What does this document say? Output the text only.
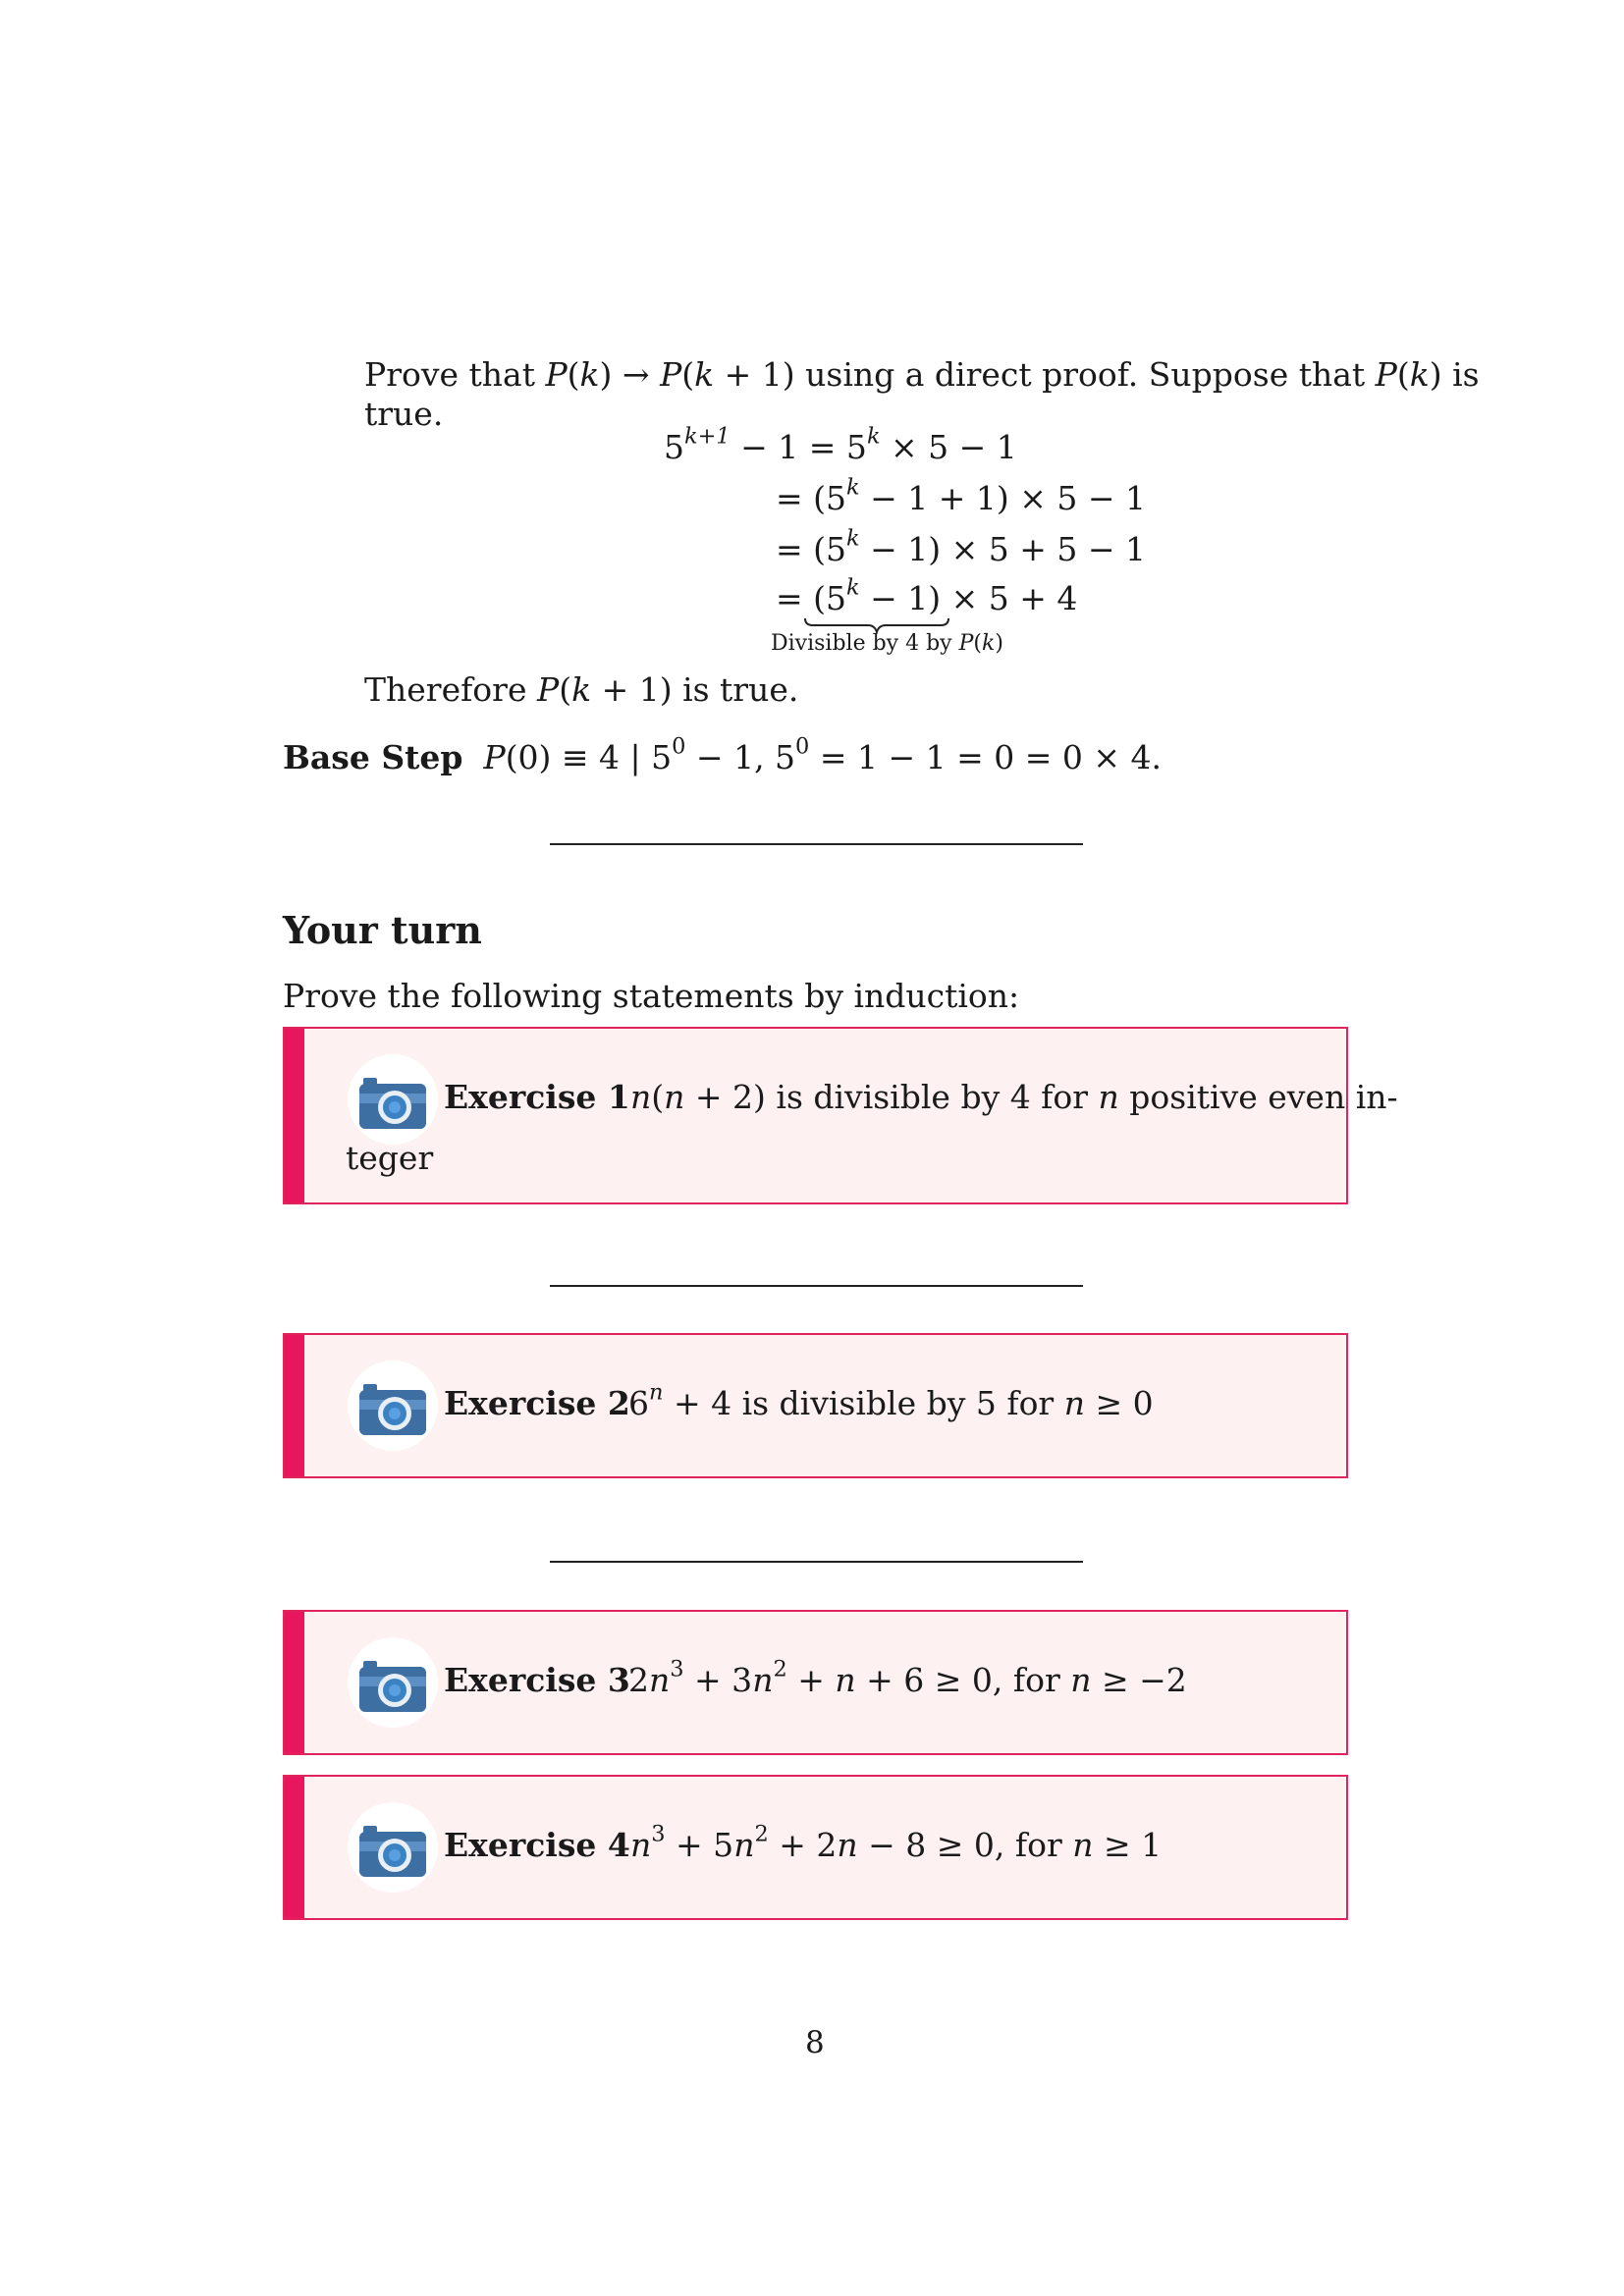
Prove that P(k) → P(k + 1) using a direct proof. Suppose that P(k) is
true.
$5^{k+1} - 1 = 5^k \times 5 - 1$
= $(5^k - 1 + 1) \times 5 - 1$
= $(5^k - 1) \times 5 + 5 - 1$
= $(5^k - 1) \times 5 + 4$
Divisible by 4 by P(k)
Therefore P(k + 1) is true.
Base Step P(0) ≡ 4 | $5^0 - 1$, $5^0 = 1 - 1 = 0 = 0 \times 4$.
Your turn
Prove the following statements by induction:
Exercise 1 n(n + 2) is divisible by 4 for n positive even in-
teger
Exercise 2
$6^n + 4$ is divisible by 5 for n ≥ 0
Exercise 3
$2n^3 + 3n^2 + n + 6 \ge 0$, for n ≥ −2
Exercise 4 $n^3 + 5n^2 + 2n - 8 \ge 0$, for n ≥ 1
8
